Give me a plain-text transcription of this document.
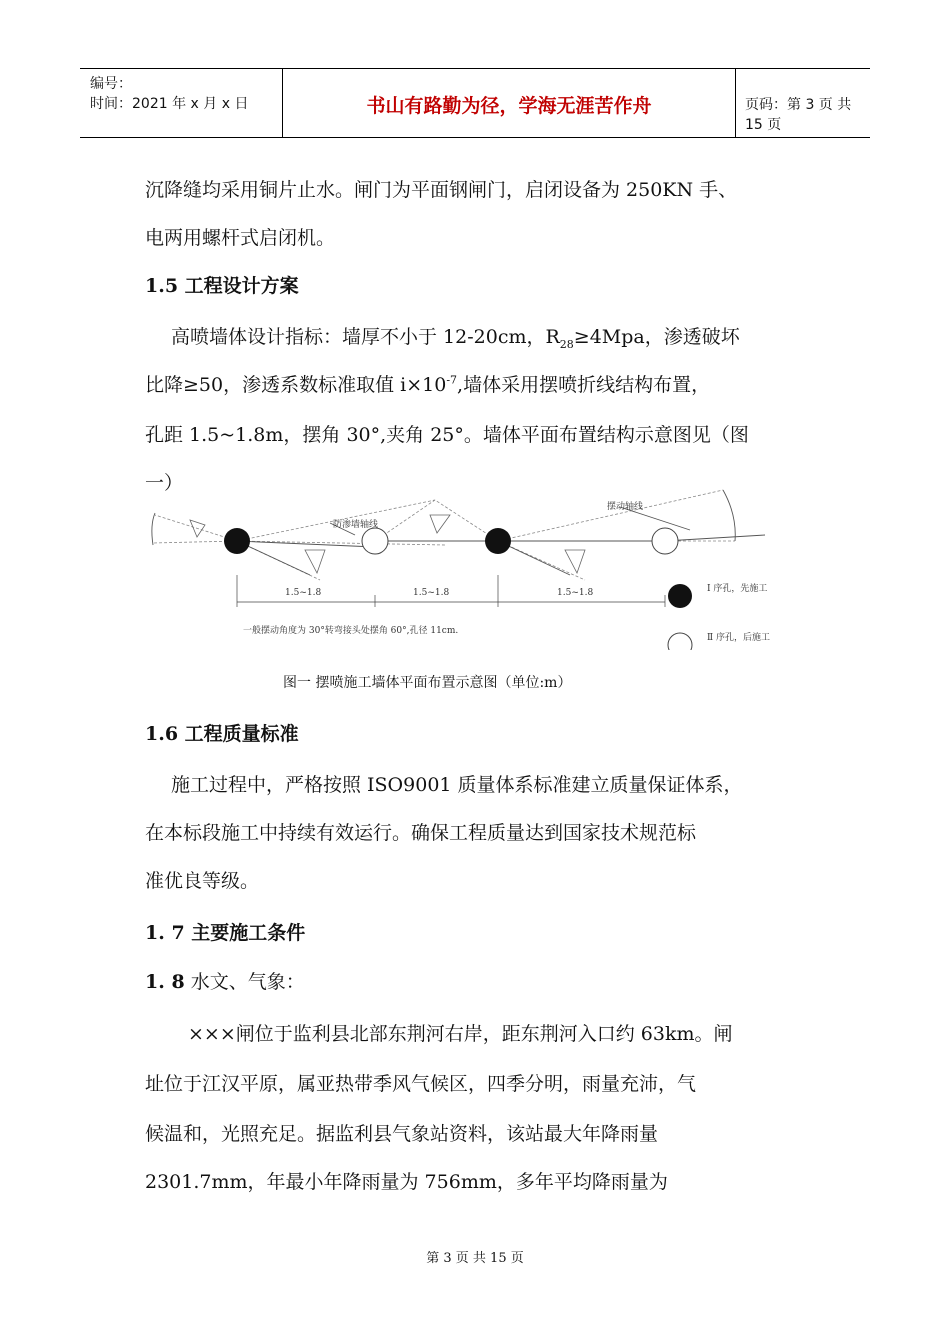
编号：
时间：2021 年 x 月 x 日	书山有路勤为径，学海无涯苦作舟	页码：第 3 页 共 15 页
沉降缝均采用铜片止水。闸门为平面钢闸门，启闭设备为 250KN 手、
电两用螺杆式启闭机。
1.5 工程设计方案
高喷墙体设计指标：墙厚不小于 12-20cm，$R_{28}\ge 4Mpa$，渗透破坏
比降≥50，渗透系数标准取值 $i\times 10^{-7}$,墙体采用摆喷折线结构布置，
孔距 1.5~1.8m，摆角 30°,夹角 25°。墙体平面布置结构示意图见（图
一）
防渗墙轴线
摆动轴线
1.5~1.8	1.5~1.8	1.5~1.8
一般摆动角度为 30°转弯接头处摆角 60°,孔径 11cm.
Ⅰ 序孔，先施工
Ⅱ 序孔，后施工
图一 摆喷施工墙体平面布置示意图（单位:m）
1.6 工程质量标准
施工过程中，严格按照 ISO9001 质量体系标准建立质量保证体系，
在本标段施工中持续有效运行。确保工程质量达到国家技术规范标
准优良等级。
1. 7 主要施工条件
1. 8 水文、气象：
×××闸位于监利县北部东荆河右岸，距东荆河入口约 63km。闸
址位于江汉平原，属亚热带季风气候区，四季分明，雨量充沛，气
候温和，光照充足。据监利县气象站资料，该站最大年降雨量
2301.7mm，年最小年降雨量为 756mm，多年平均降雨量为
第 3 页 共 15 页
